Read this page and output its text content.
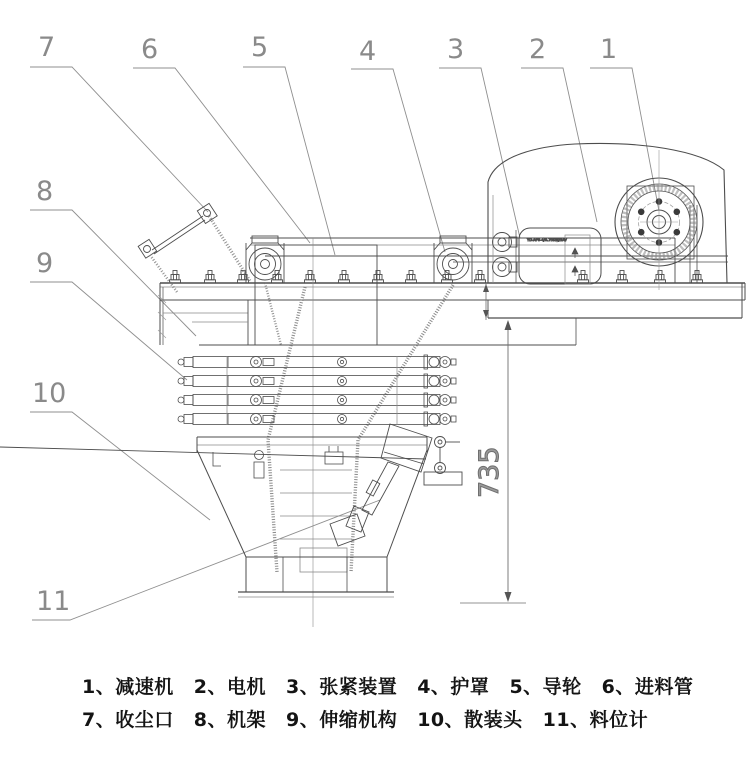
7	6	5	4	3 2 1
8
9
10
11
YD-AP6-4/0.75KW/5AV
735
1、减速机 2、电机 3、张紧装置 4、护罩 5、导轮 6、进料管
7、收尘口 8、机架 9、伸缩机构 10、散装头 11、料位计
